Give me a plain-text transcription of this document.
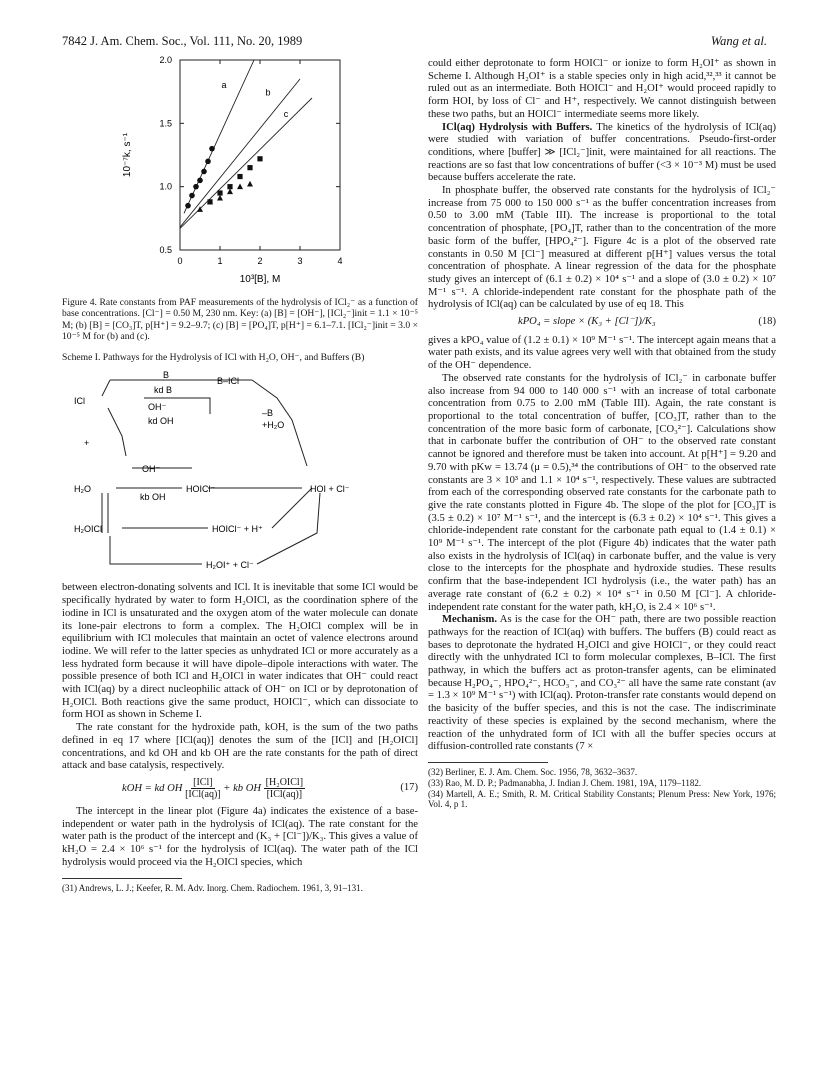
7842 J. Am. Chem. Soc., Vol. 111, No. 20, 1989	Wang et al.
0	1	2	3	4
0.5
1.0
1.5
2.0
10³[B], M
10⁻⁷k, s⁻¹
a
b
c

Figure 4. Rate constants from PAF measurements of the hydrolysis of ICl₂⁻ as a function of base concentrations. [Cl⁻] = 0.50 M, 230 nm. Key: (a) [B] = [OH⁻], [ICl₂⁻]init = 1.1 × 10⁻⁵ M; (b) [B] = [CO₃]T, p[H⁺] = 9.2–9.7; (c) [B] = [PO₄]T, p[H⁺] = 6.1–7.1. [ICl₂⁻]init = 3.0 × 10⁻⁵ M for (b) and (c).

Scheme I. Pathways for the Hydrolysis of ICl with H₂O, OH⁻, and Buffers (B)
B
kd B
B–ICl
ICl
OH⁻
kd OH
–B
+H₂O
+
OH⁻
H₂O
kb OH
HOICl⁻	HOI + Cl⁻
H₂OICl	HOICl⁻ + H⁺
H₂OI⁺ + Cl⁻

between electron-donating solvents and ICl. It is inevitable that some ICl would be specifically hydrated by water to form H₂OICl, as the coordination sphere of the iodine in ICl is unsaturated and the oxygen atom of the water molecule can donate its lone-pair electrons to form a complex. The H₂OICl complex will be in equilibrium with ICl molecules that maintain an octet of valence electrons around iodine. We will refer to the latter species as unhydrated ICl or more accurately as a less hydrated form because it will have dipole–dipole interactions with water. The possible presence of both ICl and H₂OICl in water indicates that OH⁻ could react with ICl(aq) by a direct nucleophilic attack of OH⁻ on ICl or by deprotonation of H₂OICl. Both reactions give the same product, HOICl⁻, which can dissociate to form HOI as shown in Scheme I.

The rate constant for the hydroxide path, kOH, is the sum of the two paths defined in eq 17 where [ICl(aq)] denotes the sum of the [ICl] and [H₂OICl] concentrations, and kd OH and kb OH are the rate constants for the path of direct attack and base catalysis, respectively.

kOH = kd OH $\frac{\text{[ICl]}}{\text{[ICl(aq)]}}$ + kb OH $\frac{\text{[H₂OICl]}}{\text{[ICl(aq)]}}$	(17)

The intercept in the linear plot (Figure 4a) indicates the existence of a base-independent or water path in the hydrolysis of ICl(aq). The rate constant for the water path is the product of the intercept and (K₃ + [Cl⁻])/K₃. This gives a value of kH₂O = 2.4 × 10⁶ s⁻¹ for the hydrolysis of ICl(aq). The water path of the ICl hydrolysis would proceed via the H₂OICl species, which

(31) Andrews, L. J.; Keefer, R. M. Adv. Inorg. Chem. Radiochem. 1961, 3, 91–131.

could either deprotonate to form HOICl⁻ or ionize to form H₂OI⁺ as shown in Scheme I. Although H₂OI⁺ is a stable species only in high acid,³²,³³ it cannot be ruled out as an intermediate. Both HOICl⁻ and H₂OI⁺ would proceed rapidly to form HOI, by loss of Cl⁻ and H⁺, respectively. We cannot distinguish between these two paths, but an HOICl⁻ intermediate seems more likely.

ICl(aq) Hydrolysis with Buffers. The kinetics of the hydrolysis of ICl(aq) were studied with variation of buffer concentrations. Pseudo-first-order conditions, where [buffer] ≫ [ICl₂⁻]init, were maintained for all reactions. The reactions are so fast that low concentrations of buffer (<3 × 10⁻³ M) must be used because buffers accelerate the rate.

In phosphate buffer, the observed rate constants for the hydrolysis of ICl₂⁻ increase from 75 000 to 150 000 s⁻¹ as the buffer concentration increases from 0.50 to 3.00 mM (Table III). The increase is proportional to the total concentration of phosphate, [PO₄]T, rather than to the concentration of the more basic form of the buffer, [HPO₄²⁻]. Figure 4c is a plot of the observed rate constants in 0.50 M [Cl⁻] measured at different p[H⁺] values versus the total concentration of phosphate. A linear regression of the data for the phosphate study gives an intercept of (6.1 ± 0.2) × 10⁴ s⁻¹ and a slope of (3.0 ± 0.2) × 10⁷ M⁻¹ s⁻¹. A chloride-independent rate constant for the phosphate path of the hydrolysis of ICl(aq) can be calculated by use of eq 18. This

kPO₄ = slope × (K₃ + [Cl⁻])/K₃	(18)

gives a kPO₄ value of (1.2 ± 0.1) × 10⁹ M⁻¹ s⁻¹. The intercept again means that a water path exists, and its value agrees very well with that obtained from the study of the OH⁻ dependence.

The observed rate constants for the hydrolysis of ICl₂⁻ in carbonate buffer also increase from 94 000 to 140 000 s⁻¹ with an increase of total carbonate concentration from 0.75 to 2.00 mM (Table III). Again, the rate constant is proportional to the total concentration of buffer, [CO₃]T, rather than to the concentration of the more basic form of carbonate, [CO₃²⁻]. Calculations show that in carbonate buffer the contribution of OH⁻ to the observed rate constant cannot be ignored and therefore must be taken into account. At p[H⁺] = 9.20 and 9.70 with pKw = 13.74 (μ = 0.5),³⁴ the contributions of OH⁻ to the observed rate constants are 3 × 10³ and 1.1 × 10⁴ s⁻¹, respectively. These values are subtracted from each of the corresponding observed rate constants for the carbonate path to give the rate constants plotted in Figure 4b. The slope of the plot for [CO₃]T is (3.5 ± 0.2) × 10⁷ M⁻¹ s⁻¹, and the intercept is (6.3 ± 0.2) × 10⁴ s⁻¹. This gives a chloride-independent rate constant for the carbonate path equal to (1.4 ± 0.1) × 10⁹ M⁻¹ s⁻¹. The intercept of the plot (Figure 4b) indicates that the water path also exists in the hydrolysis of ICl(aq) in carbonate buffer, and the value is very close to the intercepts for the phosphate and hydroxide studies. These results confirm that the base-independent ICl hydrolysis (i.e., the water path) has an average rate constant of (6.2 ± 0.2) × 10⁴ s⁻¹ in 0.50 M [Cl⁻]. A chloride-independent rate constant for the water path, kH₂O, is 2.4 × 10⁶ s⁻¹.

Mechanism. As is the case for the OH⁻ path, there are two possible reaction pathways for the reaction of ICl(aq) with buffers. The buffers (B) could react as bases to deprotonate the hydrated H₂OICl and give HOICl⁻, or they could react directly with the unhydrated ICl to form molecular complexes, B–ICl. The first pathway, in which the buffers act as proton-transfer agents, can be eliminated because H₂PO₄⁻, HPO₄²⁻, HCO₃⁻, and CO₃²⁻ all have the same rate constant (av = 1.3 × 10⁹ M⁻¹ s⁻¹) with ICl(aq). Proton-transfer rate constants would depend on the basicity of the buffer species, and this is not the case. The indiscriminate reactivity of these species is explained by the second mechanism, where the reaction of the unhydrated form of ICl with all the buffer species occurs at diffusion-controlled rate constants (7 ×

(32) Berliner, E. J. Am. Chem. Soc. 1956, 78, 3632–3637.

(33) Rao, M. D. P.; Padmanabha, J. Indian J. Chem. 1981, 19A, 1179–1182.

(34) Martell, A. E.; Smith, R. M. Critical Stability Constants; Plenum Press: New York, 1976; Vol. 4, p 1.
